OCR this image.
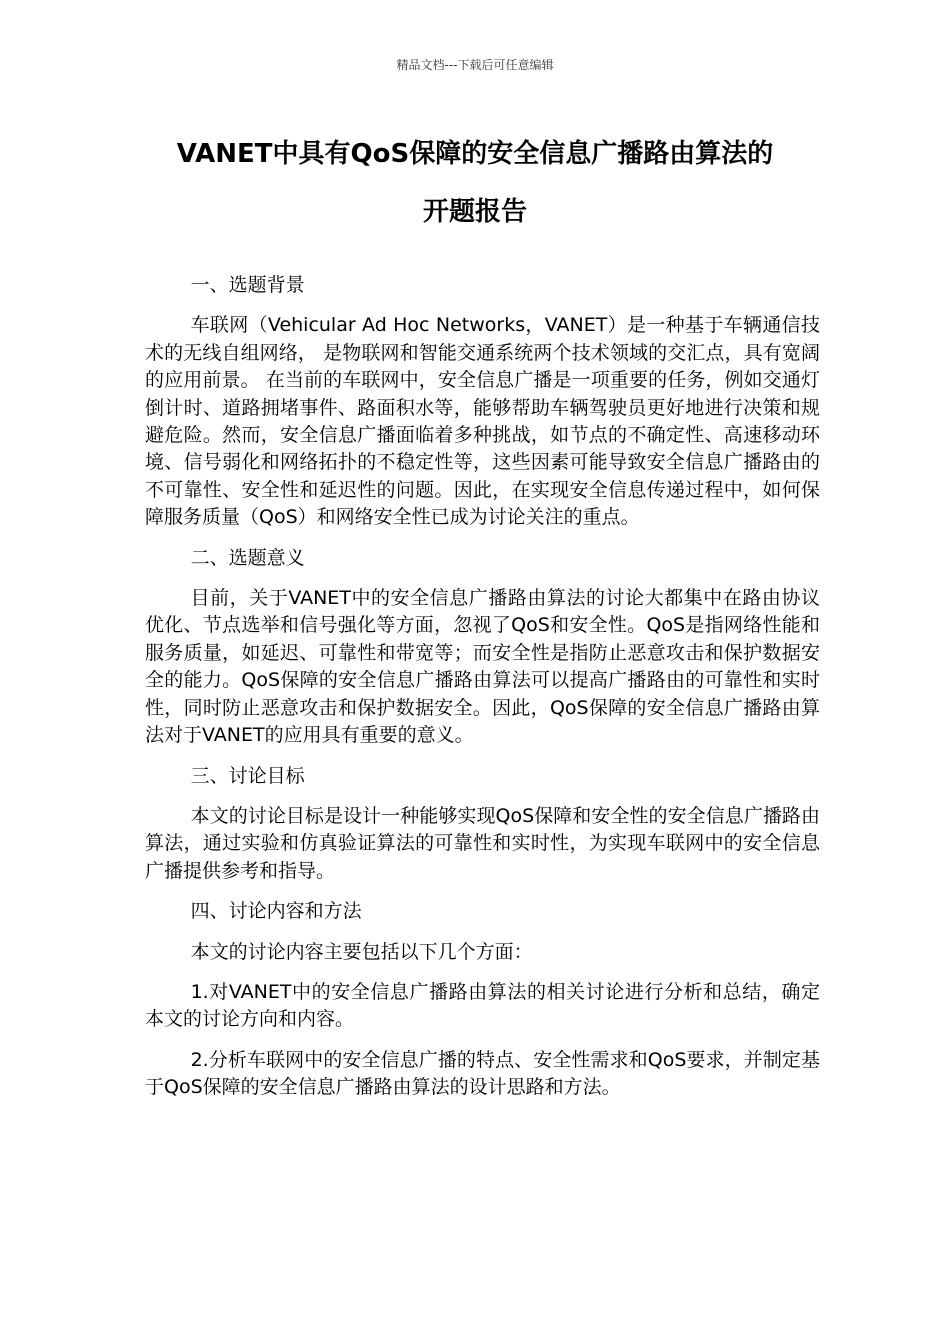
精品文档---下载后可任意编辑
VANET中具有QoS保障的安全信息广播路由算法的
开题报告

一、选题背景

车联网（Vehicular Ad Hoc Networks，VANET）是一种基于车辆通信技术的无线自组网络， 是物联网和智能交通系统两个技术领域的交汇点，具有宽阔的应用前景。 在当前的车联网中，安全信息广播是一项重要的任务，例如交通灯倒计时、道路拥堵事件、路面积水等，能够帮助车辆驾驶员更好地进行决策和规避危险。然而，安全信息广播面临着多种挑战，如节点的不确定性、高速移动环境、信号弱化和网络拓扑的不稳定性等，这些因素可能导致安全信息广播路由的不可靠性、安全性和延迟性的问题。因此，在实现安全信息传递过程中，如何保障服务质量（QoS）和网络安全性已成为讨论关注的重点。

二、选题意义

目前，关于VANET中的安全信息广播路由算法的讨论大都集中在路由协议优化、节点选举和信号强化等方面，忽视了QoS和安全性。QoS是指网络性能和服务质量，如延迟、可靠性和带宽等；而安全性是指防止恶意攻击和保护数据安全的能力。QoS保障的安全信息广播路由算法可以提高广播路由的可靠性和实时性，同时防止恶意攻击和保护数据安全。因此，QoS保障的安全信息广播路由算法对于VANET的应用具有重要的意义。

三、讨论目标

本文的讨论目标是设计一种能够实现QoS保障和安全性的安全信息广播路由算法，通过实验和仿真验证算法的可靠性和实时性，为实现车联网中的安全信息广播提供参考和指导。

四、讨论内容和方法

本文的讨论内容主要包括以下几个方面：

1.对VANET中的安全信息广播路由算法的相关讨论进行分析和总结，确定本文的讨论方向和内容。

2.分析车联网中的安全信息广播的特点、安全性需求和QoS要求，并制定基于QoS保障的安全信息广播路由算法的设计思路和方法。
